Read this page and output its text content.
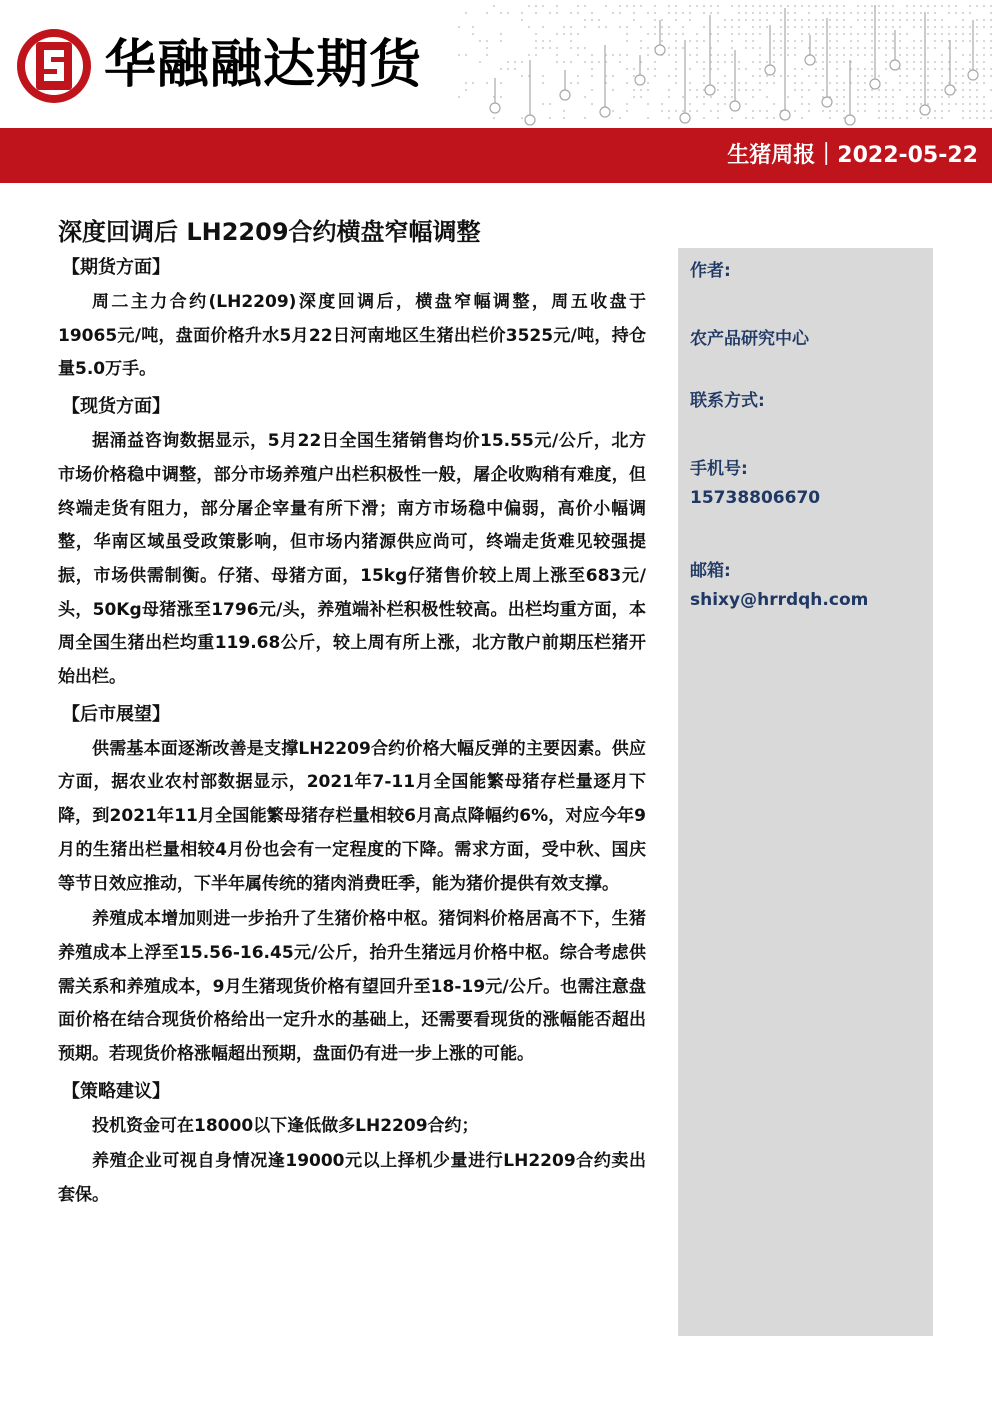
华融融达期货
生猪周报｜2022-05-22
深度回调后 LH2209合约横盘窄幅调整

【期货方面】

周二主力合约(LH2209)深度回调后，横盘窄幅调整，周五收盘于19065元/吨，盘面价格升水5月22日河南地区生猪出栏价3525元/吨，持仓量5.0万手。

【现货方面】

据涌益咨询数据显示，5月22日全国生猪销售均价15.55元/公斤，北方市场价格稳中调整，部分市场养殖户出栏积极性一般，屠企收购稍有难度，但终端走货有阻力，部分屠企宰量有所下滑；南方市场稳中偏弱，高价小幅调整，华南区域虽受政策影响，但市场内猪源供应尚可，终端走货难见较强提振，市场供需制衡。仔猪、母猪方面，15kg仔猪售价较上周上涨至683元/头，50Kg母猪涨至1796元/头，养殖端补栏积极性较高。出栏均重方面，本周全国生猪出栏均重119.68公斤，较上周有所上涨，北方散户前期压栏猪开始出栏。

【后市展望】

供需基本面逐渐改善是支撑LH2209合约价格大幅反弹的主要因素。供应方面，据农业农村部数据显示，2021年7-11月全国能繁母猪存栏量逐月下降，到2021年11月全国能繁母猪存栏量相较6月高点降幅约6%，对应今年9月的生猪出栏量相较4月份也会有一定程度的下降。需求方面，受中秋、国庆等节日效应推动，下半年属传统的猪肉消费旺季，能为猪价提供有效支撑。

养殖成本增加则进一步抬升了生猪价格中枢。猪饲料价格居高不下，生猪养殖成本上浮至15.56-16.45元/公斤，抬升生猪远月价格中枢。综合考虑供需关系和养殖成本，9月生猪现货价格有望回升至18-19元/公斤。也需注意盘面价格在结合现货价格给出一定升水的基础上，还需要看现货的涨幅能否超出预期。若现货价格涨幅超出预期，盘面仍有进一步上涨的可能。

【策略建议】

投机资金可在18000以下逢低做多LH2209合约；

养殖企业可视自身情况逢19000元以上择机少量进行LH2209合约卖出套保。

作者:
农产品研究中心
联系方式:
手机号:
15738806670
邮箱:
shixy@hrrdqh.com
